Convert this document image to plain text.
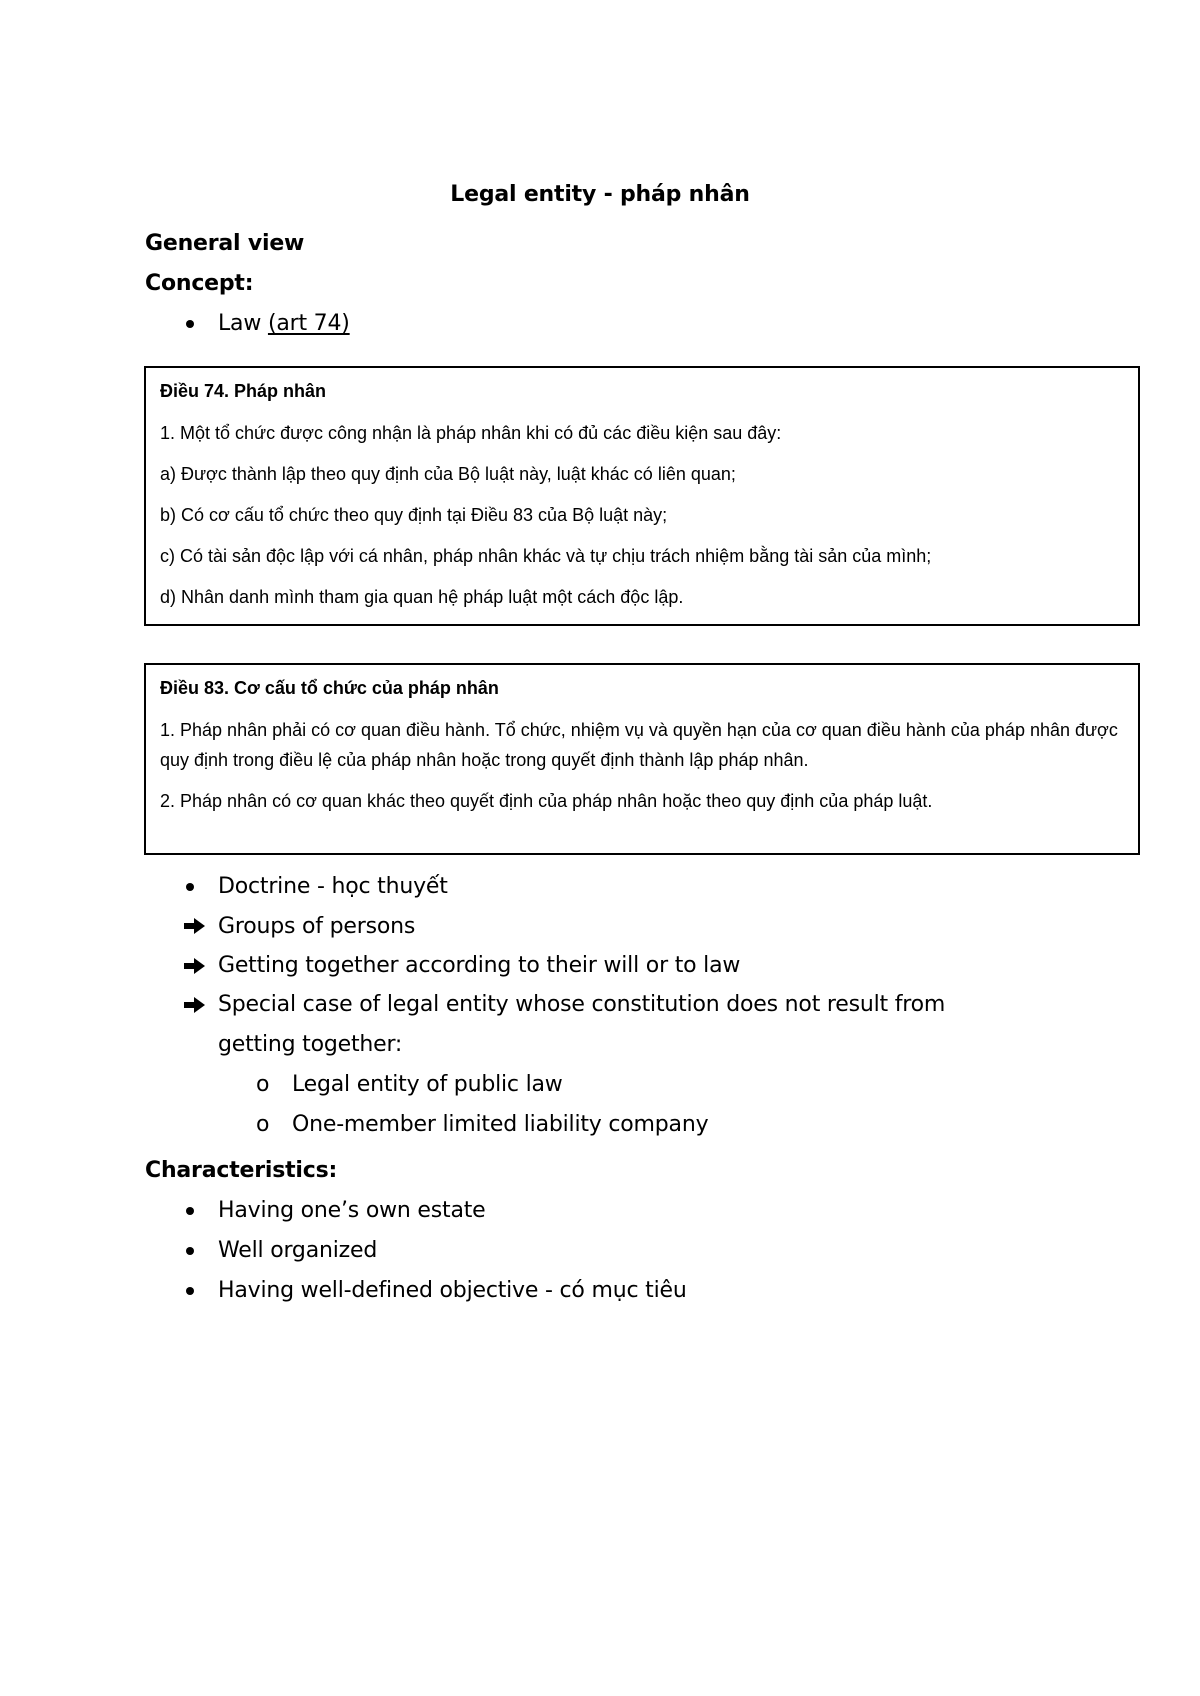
Legal entity - pháp nhân
General view
Concept:
Law (art 74)
Điều 74. Pháp nhân
1. Một tổ chức được công nhận là pháp nhân khi có đủ các điều kiện sau đây:
a) Được thành lập theo quy định của Bộ luật này, luật khác có liên quan;
b) Có cơ cấu tổ chức theo quy định tại Điều 83 của Bộ luật này;
c) Có tài sản độc lập với cá nhân, pháp nhân khác và tự chịu trách nhiệm bằng tài sản của mình;
d) Nhân danh mình tham gia quan hệ pháp luật một cách độc lập.
Điều 83. Cơ cấu tổ chức của pháp nhân
1. Pháp nhân phải có cơ quan điều hành. Tổ chức, nhiệm vụ và quyền hạn của cơ quan điều hành của pháp nhân được quy định trong điều lệ của pháp nhân hoặc trong quyết định thành lập pháp nhân.
2. Pháp nhân có cơ quan khác theo quyết định của pháp nhân hoặc theo quy định của pháp luật.
Doctrine - học thuyết
Groups of persons
Getting together according to their will or to law
Special case of legal entity whose constitution does not result from
getting together:
o Legal entity of public law
o One-member limited liability company
Characteristics:
Having one’s own estate
Well organized
Having well-defined objective - có mục tiêu
